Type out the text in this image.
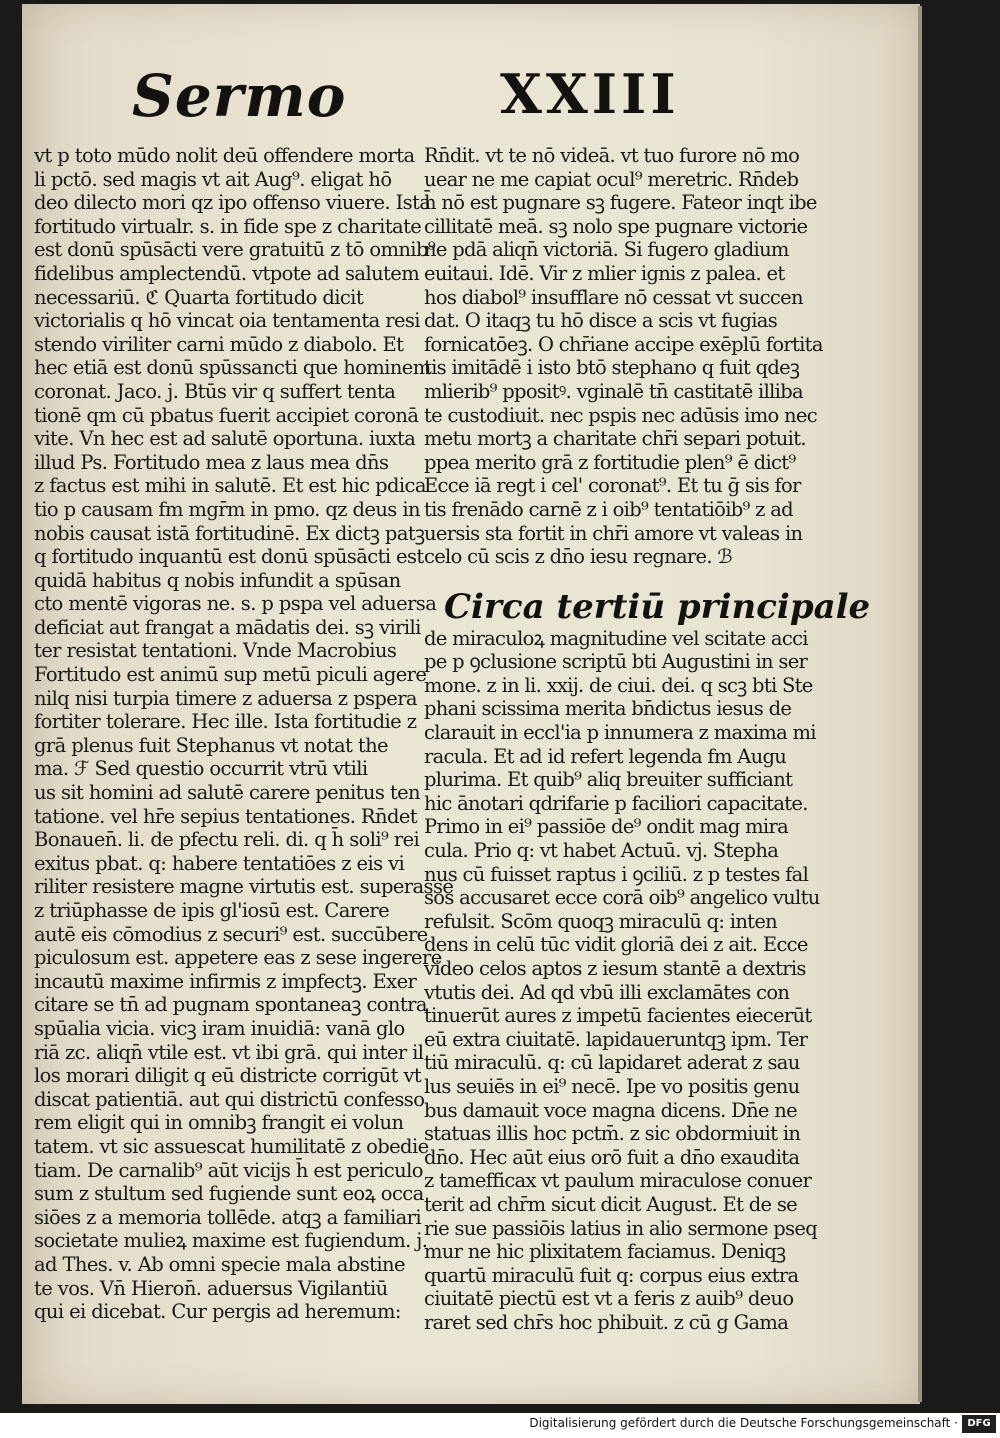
Sermo	XXIII
vt p toto mūdo nolit deū offendere morta
li pctō. sed magis vt ait Aug⁹. eligat hō
deo dilecto mori qz ipo offenso viuere. Ista
fortitudo virtualr. s. in fide spe z charitate
est donū spūsācti vere gratuitū z tō omnib⁹
fidelibus amplectendū. vtpote ad salutem
necessariū. ℭ Quarta fortitudo dicit
victorialis q hō vincat oia tentamenta resi
stendo viriliter carni mūdo z diabolo. Et
hec etiā est donū spūssancti que hominem
coronat. Jaco. j. Btūs vir q suffert tenta
tionē qm cū pbatus fuerit accipiet coronā
vite. Vn hec est ad salutē oportuna. iuxta
illud Ps. Fortitudo mea z laus mea dn̄s
z factus est mihi in salutē. Et est hic pdica
tio p causam fm mgr̄m in pmo. qz deus in
nobis causat istā fortitudinē. Ex dictꝫ patꝫ
q fortitudo inquantū est donū spūsācti est
quidā habitus q nobis infundit a spūsan
cto mentē vigoras ne. s. p pspa vel aduersa
deficiat aut frangat a mādatis dei. sꝫ virili
ter resistat tentationi. Vnde Macrobius
Fortitudo est animū sup metū piculi agere
nilq nisi turpia timere z aduersa z pspera
fortiter tolerare. Hec ille. Ista fortitudie z
grā plenus fuit Stephanus vt notat the
ma. ℱ Sed questio occurrit vtrū vtili
us sit homini ad salutē carere penitus ten
tatione. vel hr̄e sepius tentationes. Rn̄det
Bonauen̄. li. de pfectu reli. di. q h̄ soli⁹ rei
exitus pbat. q: habere tentatiōes z eis vi
riliter resistere magne virtutis est. superasse
z triūphasse de ipis gl'iosū est. Carere
autē eis cōmodius z securi⁹ est. succūbere
piculosum est. appetere eas z sese ingerere
incautū maxime infirmis z impfectꝫ. Exer
citare se tn̄ ad pugnam spontaneaꝫ contra
spūalia vicia. vicꝫ iram inuidiā: vanā glo
riā zc. aliqn̄ vtile est. vt ibi grā. qui inter il
los morari diligit q eū districte corrigūt vt
discat patientiā. aut qui districtū confesso
rem eligit qui in omnibꝫ frangit ei volun
tatem. vt sic assuescat humilitatē z obedie
tiam. De carnalib⁹ aūt vicijs h̄ est periculo
sum z stultum sed fugiende sunt eoꝝ occa
siōes z a memoria tollēde. atqꝫ a familiari
societate mulieꝝ maxime est fugiendum. j.
ad Thes. v. Ab omni specie mala abstine
te vos. Vn̄ Hieron̄. aduersus Vigilantiū
qui ei dicebat. Cur pergis ad heremum:
Rn̄dit. vt te nō videā. vt tuo furore nō mo
uear ne me capiat ocul⁹ meretric. Rn̄deb
h̄ nō est pugnare sꝫ fugere. Fateor inqt ibe
cillitatē meā. sꝫ nolo spe pugnare victorie
ne pdā aliqn̄ victoriā. Si fugero gladium
euitaui. Idē. Vir z mlier ignis z palea. et
hos diabol⁹ insufflare nō cessat vt succen
dat. O itaqꝫ tu hō disce a scis vt fugias
fornicatōeꝫ. O chr̄iane accipe exēplū fortita
tis imitādē i isto btō stephano q fuit qdeꝫ
mlierib⁹ ppositꝰ. vginalē tn̄ castitatē illiba
te custodiuit. nec pspis nec adūsis imo nec
metu mortꝫ a charitate chr̄i separi potuit.
ppea merito grā z fortitudie plen⁹ ē dict⁹
Ecce iā regt i cel' coronat⁹. Et tu ḡ sis for
tis frenādo carnē z i oib⁹ tentatiōib⁹ z ad
uersis sta fortit in chr̄i amore vt valeas in
celo cū scis z dn̄o iesu regnare. ℬ
Circa tertiū principale
de miraculoꝝ magnitudine vel scitate acci
pe p ꝯclusione scriptū bti Augustini in ser
mone. z in li. xxij. de ciui. dei. q scꝫ bti Ste
phani scissima merita bn̄dictus iesus de
clarauit in eccl'ia p innumera z maxima mi
racula. Et ad id refert legenda fm Augu
plurima. Et quib⁹ aliq breuiter sufficiant
hic ānotari qdrifarie p faciliori capacitate.
Primo in ei⁹ passiōe de⁹ ondit mag mira
cula. Prio q: vt habet Actuū. vj. Stepha
nus cū fuisset raptus i ꝯciliū. z p testes fal
sos accusaret ecce corā oib⁹ angelico vultu
refulsit. Scōm quoqꝫ miraculū q: inten
dens in celū tūc vidit gloriā dei z ait. Ecce
video celos aptos z iesum stantē a dextris
vtutis dei. Ad qd vbū illi exclamātes con
tinuerūt aures z impetū facientes eiecerūt
eū extra ciuitatē. lapidaueruntqꝫ ipm. Ter
tiū miraculū. q: cū lapidaret aderat z sau
lus seuiēs in ei⁹ necē. Ipe vo positis genu
bus damauit voce magna dicens. Dn̄e ne
statuas illis hoc pctm̄. z sic obdormiuit in
dn̄o. Hec aūt eius orō fuit a dn̄o exaudita
z tamefficax vt paulum miraculose conuer
terit ad chr̄m sicut dicit August. Et de se
rie sue passiōis latius in alio sermone pseq
mur ne hic plixitatem faciamus. Deniqꝫ
quartū miraculū fuit q: corpus eius extra
ciuitatē piectū est vt a feris z auib⁹ deuo
raret sed chr̄s hoc phibuit. z cū g Gama
Digitalisierung gefördert durch die Deutsche Forschungsgemeinschaft · DFG
